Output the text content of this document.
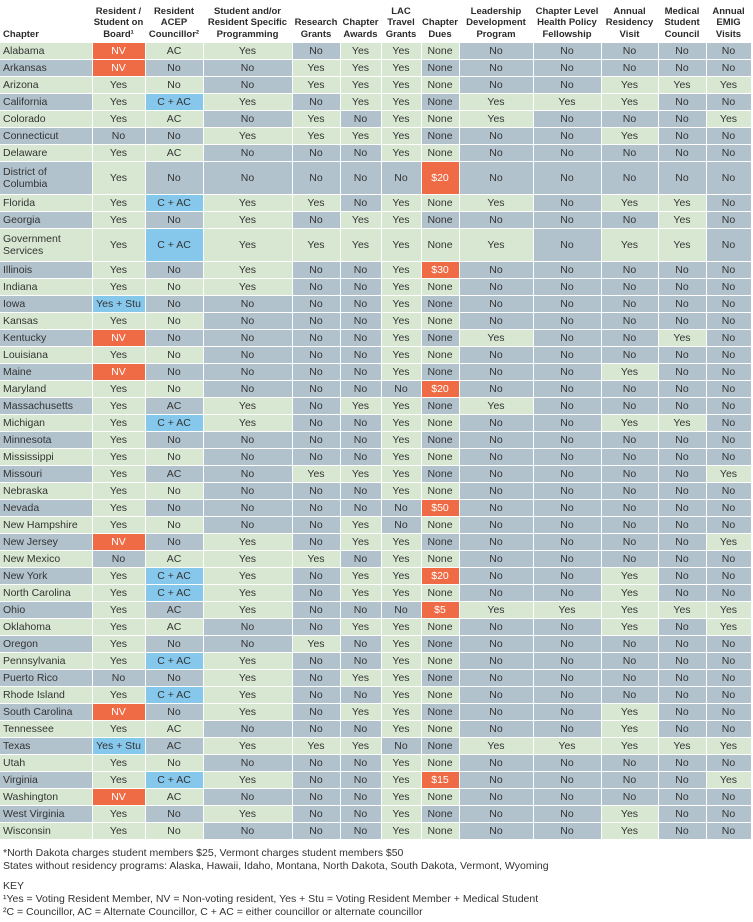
Chapter	Resident / Student on Board¹	Resident ACEP Councillor²	Student and/or Resident Specific Programming	Research Grants	Chapter Awards	LAC Travel Grants	Chapter Dues	Leadership Development Program	Chapter Level Health Policy Fellowship	Annual Residency Visit	Medical Student Council	Annual EMIG Visits
Alabama	NV	AC	Yes	No	Yes	Yes	None	No	No	No	No	No
Arkansas	NV	No	No	Yes	Yes	Yes	None	No	No	No	No	No
Arizona	Yes	No	No	Yes	Yes	Yes	None	No	No	Yes	Yes	Yes
California	Yes	C + AC	Yes	No	Yes	Yes	None	Yes	Yes	Yes	No	No
Colorado	Yes	AC	No	Yes	No	Yes	None	Yes	No	No	No	Yes
Connecticut	No	No	Yes	Yes	Yes	Yes	None	No	No	Yes	No	No
Delaware	Yes	AC	No	No	No	Yes	None	No	No	No	No	No

District of Columbia	Yes	No	No	No	No	No	$20	No	No	No	No	No
Florida	Yes	C + AC	Yes	Yes	No	Yes	None	Yes	No	Yes	Yes	No
Georgia	Yes	No	Yes	No	Yes	Yes	None	No	No	No	Yes	No

Government Services	Yes	C + AC	Yes	Yes	Yes	Yes	None	Yes	No	Yes	Yes	No
Illinois	Yes	No	Yes	No	No	Yes	$30	No	No	No	No	No
Indiana	Yes	No	Yes	No	No	Yes	None	No	No	No	No	No
Iowa	Yes + Stu	No	No	No	No	Yes	None	No	No	No	No	No
Kansas	Yes	No	No	No	No	Yes	None	No	No	No	No	No
Kentucky	NV	No	No	No	No	Yes	None	Yes	No	No	Yes	No
Louisiana	Yes	No	No	No	No	Yes	None	No	No	No	No	No
Maine	NV	No	No	No	No	Yes	None	No	No	Yes	No	No
Maryland	Yes	No	No	No	No	No	$20	No	No	No	No	No
Massachusetts	Yes	AC	Yes	No	Yes	Yes	None	Yes	No	No	No	No
Michigan	Yes	C + AC	Yes	No	No	Yes	None	No	No	Yes	Yes	No
Minnesota	Yes	No	No	No	No	Yes	None	No	No	No	No	No
Mississippi	Yes	No	No	No	No	Yes	None	No	No	No	No	No
Missouri	Yes	AC	No	Yes	Yes	Yes	None	No	No	No	No	Yes
Nebraska	Yes	No	No	No	No	Yes	None	No	No	No	No	No
Nevada	Yes	No	No	No	No	No	$50	No	No	No	No	No
New Hampshire	Yes	No	No	No	Yes	No	None	No	No	No	No	No
New Jersey	NV	No	Yes	No	Yes	Yes	None	No	No	No	No	Yes
New Mexico	No	AC	Yes	Yes	No	Yes	None	No	No	No	No	No
New York	Yes	C + AC	Yes	No	Yes	Yes	$20	No	No	Yes	No	No
North Carolina	Yes	C + AC	Yes	No	Yes	Yes	None	No	No	Yes	No	No
Ohio	Yes	AC	Yes	No	No	No	$5	Yes	Yes	Yes	Yes	Yes
Oklahoma	Yes	AC	No	No	Yes	Yes	None	No	No	Yes	No	Yes
Oregon	Yes	No	No	Yes	No	Yes	None	No	No	No	No	No
Pennsylvania	Yes	C + AC	Yes	No	No	Yes	None	No	No	No	No	No
Puerto Rico	No	No	Yes	No	Yes	Yes	None	No	No	No	No	No
Rhode Island	Yes	C + AC	Yes	No	No	Yes	None	No	No	No	No	No
South Carolina	NV	No	Yes	No	Yes	Yes	None	No	No	Yes	No	No
Tennessee	Yes	AC	No	No	No	Yes	None	No	No	Yes	No	No
Texas	Yes + Stu	AC	Yes	Yes	Yes	No	None	Yes	Yes	Yes	Yes	Yes
Utah	Yes	No	No	No	No	Yes	None	No	No	No	No	No
Virginia	Yes	C + AC	Yes	No	No	Yes	$15	No	No	No	No	Yes
Washington	NV	AC	No	No	No	Yes	None	No	No	No	No	No
West Virginia	Yes	No	Yes	No	No	Yes	None	No	No	Yes	No	No
Wisconsin	Yes	No	No	No	No	Yes	None	No	No	Yes	No	No
*North Dakota charges student members $25, Vermont charges student members $50
States without residency programs: Alaska, Hawaii, Idaho, Montana, North Dakota, South Dakota, Vermont, Wyoming
KEY
¹Yes = Voting Resident Member, NV = Non-voting resident, Yes + Stu = Voting Resident Member + Medical Student
²C = Councillor, AC = Alternate Councillor, C + AC = either councillor or alternate councillor
